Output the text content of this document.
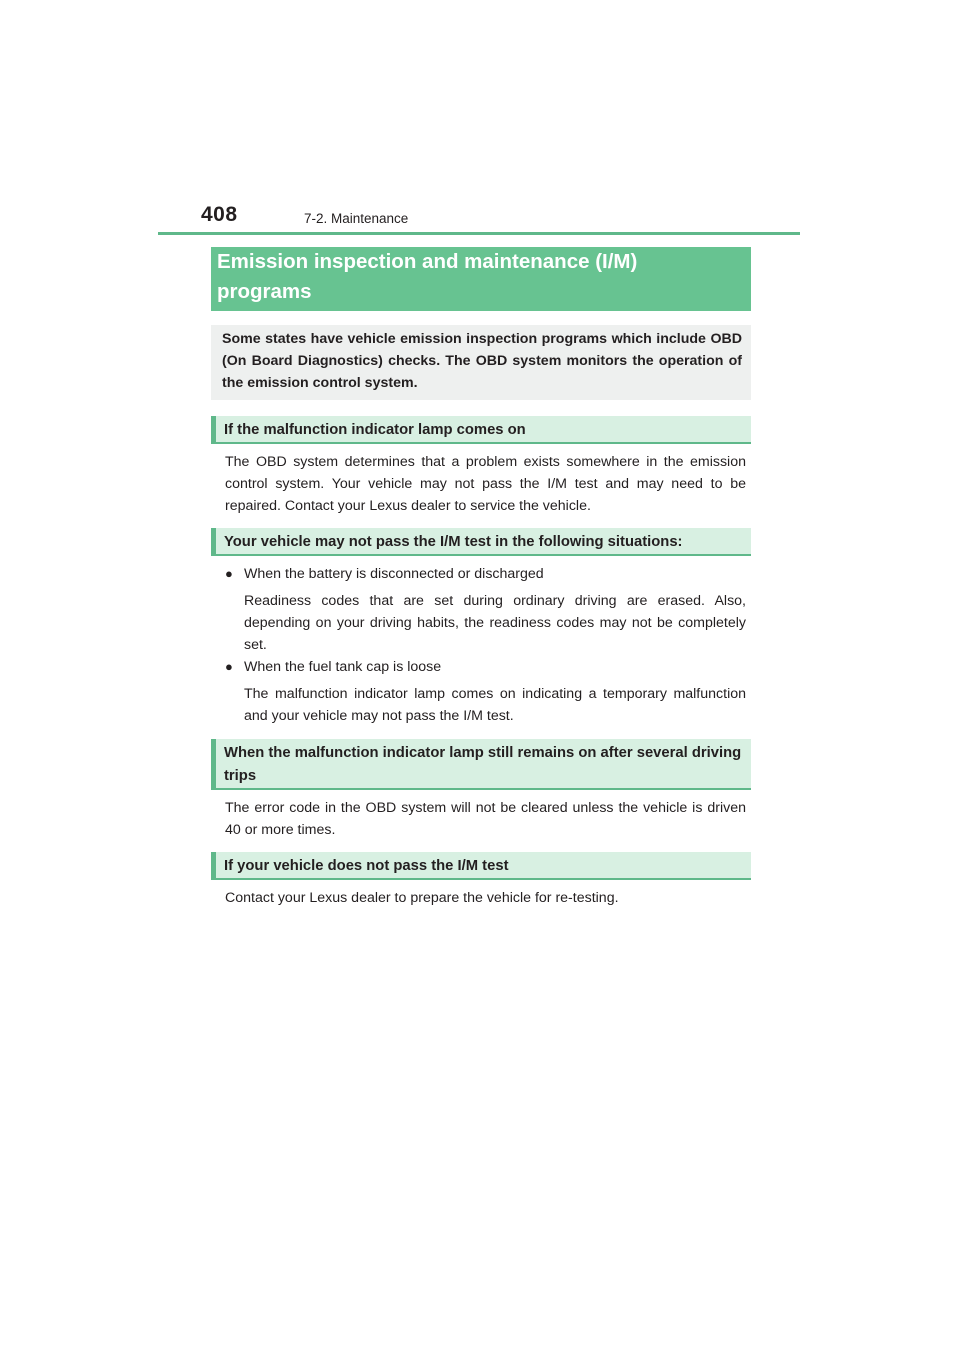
408	7-2. Maintenance
Emission inspection and maintenance (I/M) programs
Some states have vehicle emission inspection programs which include OBD (On Board Diagnostics) checks. The OBD system monitors the operation of the emission control system.
If the malfunction indicator lamp comes on
The OBD system determines that a problem exists somewhere in the emission control system. Your vehicle may not pass the I/M test and may need to be repaired. Contact your Lexus dealer to service the vehicle.
Your vehicle may not pass the I/M test in the following situations:
● When the battery is disconnected or discharged
Readiness codes that are set during ordinary driving are erased. Also, depending on your driving habits, the readiness codes may not be completely set.
● When the fuel tank cap is loose
The malfunction indicator lamp comes on indicating a temporary malfunction and your vehicle may not pass the I/M test.
When the malfunction indicator lamp still remains on after several driving trips
The error code in the OBD system will not be cleared unless the vehicle is driven 40 or more times.
If your vehicle does not pass the I/M test
Contact your Lexus dealer to prepare the vehicle for re-testing.
